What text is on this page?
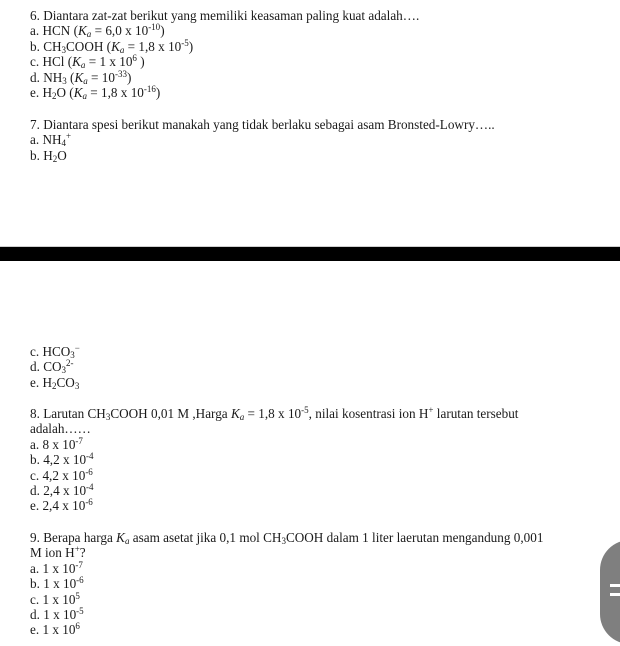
6. Diantara zat-zat berikut yang memiliki keasaman paling kuat adalah….
a. HCN ($K_a = 6,0$ x $10^{-10}$)
b. $CH_3COOH$ ($K_a = 1,8$ x $10^{-5}$)
c. HCl ($K_a = 1$ x $10^6$ )
d. $NH_3$ $(K_a = 10^{-33})$
e. $H_2O$ ($K_a = 1,8$ x $10^{-16}$)
7. Diantara spesi berikut manakah yang tidak berlaku sebagai asam Bronsted-Lowry…..
a. $NH_4^+$
b. $H_2O$
c. $HCO_3^-$
d. $CO_3^{2-}$
e. $H_2CO_3$
8. Larutan $CH_3COOH$ 0,01 M ,Harga $K_a = 1,8$ x $10^{-5}$, nilai kosentrasi ion H+ larutan tersebut
adalah……
a. 8 x $10^{-7}$
b. 4,2 x $10^{-4}$
c. 4,2 x $10^{-6}$
d. 2,4 x $10^{-4}$
e. 2,4 x $10^{-6}$
9. Berapa harga $K_a$ asam asetat jika 0,1 mol $CH_3COOH$ dalam 1 liter laerutan mengandung 0,001
M ion H+?
a. 1 x $10^{-7}$
b. 1 x $10^{-6}$
c. 1 x $10^5$
d. 1 x $10^{-5}$
e. 1 x $10^6$
